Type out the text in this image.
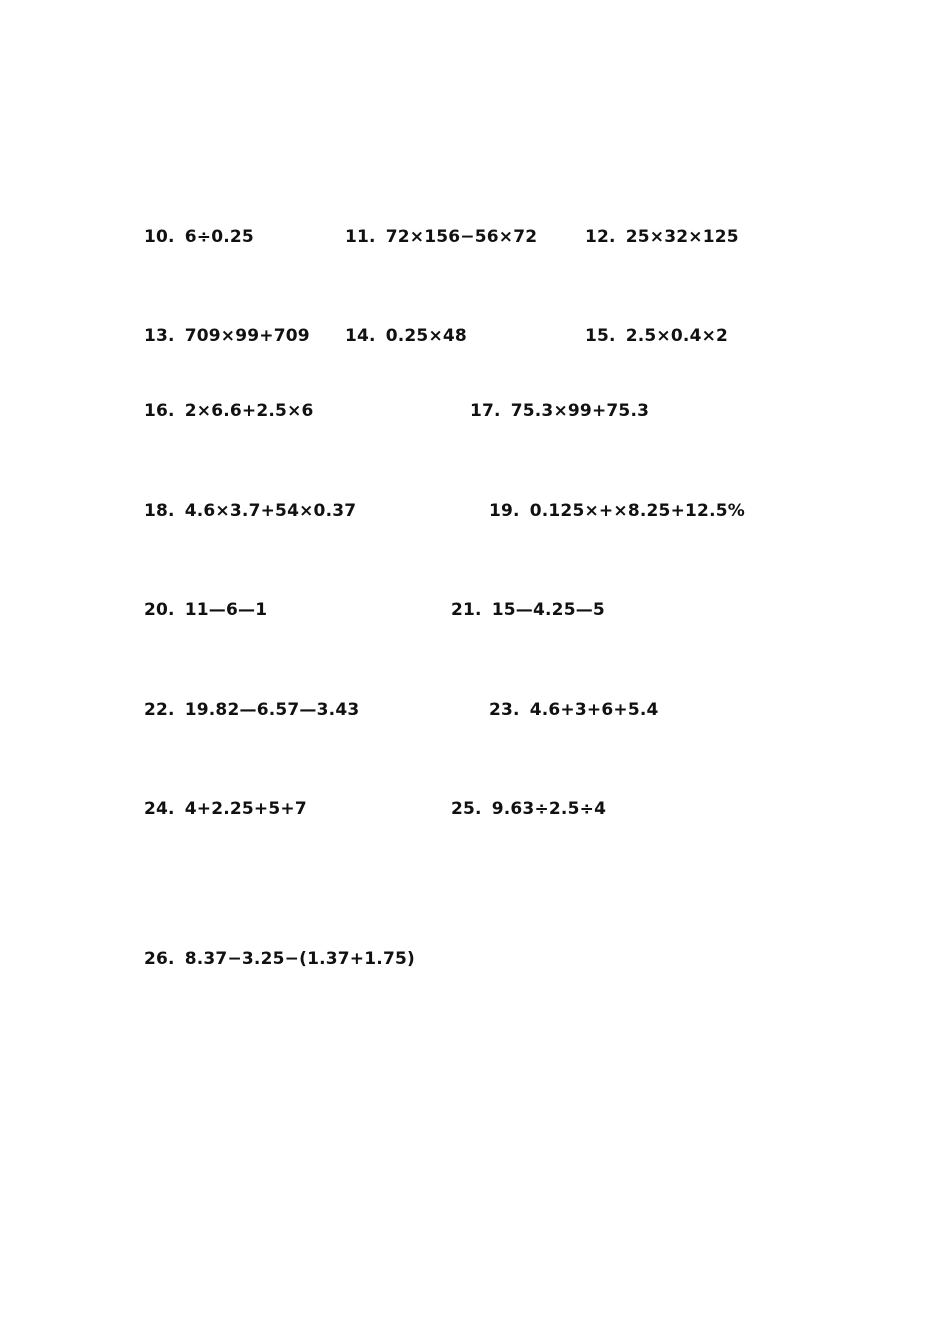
10. 6÷0.25	11. 72×156−56×72	12. 25×32×125
13. 709×99+709 14. 0.25×48	15. 2.5×0.4×2
16. 2×6.6+2.5×6	17. 75.3×99+75.3
18. 4.6×3.7+54×0.37	19. 0.125×+×8.25+12.5%
20. 11—6—1	21. 15—4.25—5
22. 19.82—6.57—3.43	23. 4.6+3+6+5.4
24. 4+2.25+5+7	25. 9.63÷2.5÷4
26. 8.37−3.25−(1.37+1.75)
